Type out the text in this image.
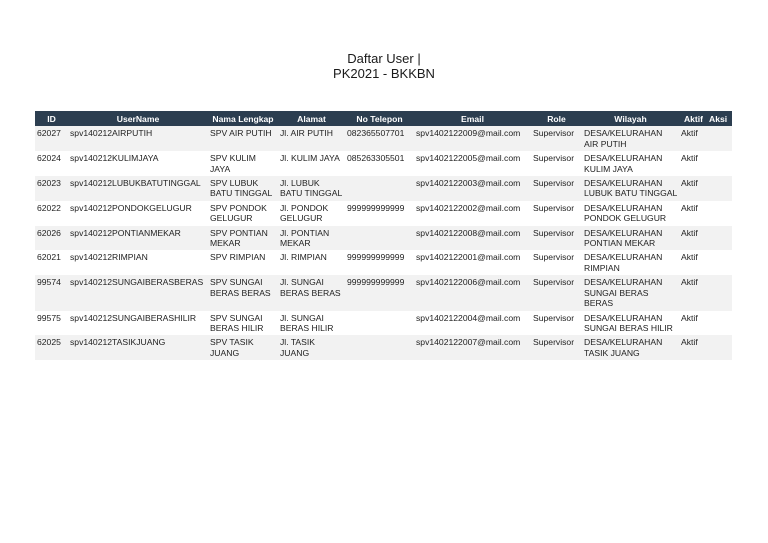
Daftar User |
PK2021 - BKKBN
ID	UserName	Nama Lengkap	Alamat	No Telepon	Email	Role	Wilayah	Aktif	Aksi
62027	spv140212AIRPUTIH	SPV AIR PUTIH	Jl. AIR PUTIH	082365507701	spv1402122009@mail.com	Supervisor	DESA/KELURAHAN AIR PUTIH	Aktif	
62024	spv140212KULIMJAYA	SPV KULIM JAYA	Jl. KULIM JAYA	085263305501	spv1402122005@mail.com	Supervisor	DESA/KELURAHAN KULIM JAYA	Aktif	
62023	spv140212LUBUKBATUTINGGAL	SPV LUBUK BATU TINGGAL	Jl. LUBUK BATU TINGGAL		spv1402122003@mail.com	Supervisor	DESA/KELURAHAN LUBUK BATU TINGGAL	Aktif	
62022	spv140212PONDOKGELUGUR	SPV PONDOK GELUGUR	Jl. PONDOK GELUGUR	999999999999	spv1402122002@mail.com	Supervisor	DESA/KELURAHAN PONDOK GELUGUR	Aktif	
62026	spv140212PONTIANMEKAR	SPV PONTIAN MEKAR	Jl. PONTIAN MEKAR		spv1402122008@mail.com	Supervisor	DESA/KELURAHAN PONTIAN MEKAR	Aktif	
62021	spv140212RIMPIAN	SPV RIMPIAN	Jl. RIMPIAN	999999999999	spv1402122001@mail.com	Supervisor	DESA/KELURAHAN RIMPIAN	Aktif	
99574	spv140212SUNGAIBERASBERAS	SPV SUNGAI BERAS BERAS	Jl. SUNGAI BERAS BERAS	999999999999	spv1402122006@mail.com	Supervisor	DESA/KELURAHAN SUNGAI BERAS BERAS	Aktif	
99575	spv140212SUNGAIBERASHILIR	SPV SUNGAI BERAS HILIR	Jl. SUNGAI BERAS HILIR		spv1402122004@mail.com	Supervisor	DESA/KELURAHAN SUNGAI BERAS HILIR	Aktif	
62025	spv140212TASIKJUANG	SPV TASIK JUANG	Jl. TASIK JUANG		spv1402122007@mail.com	Supervisor	DESA/KELURAHAN TASIK JUANG	Aktif	
